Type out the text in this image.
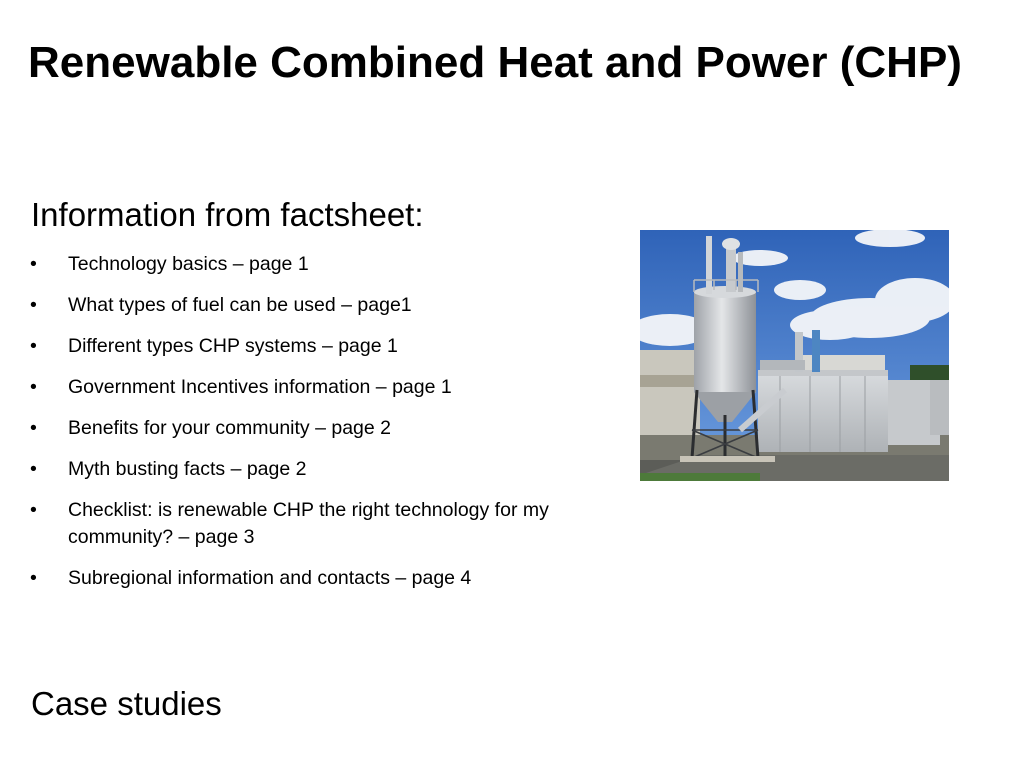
Renewable Combined Heat and Power (CHP)
Information from factsheet:
• Technology basics – page 1
• What types of fuel can be used – page1
• Different types CHP systems – page 1
• Government Incentives information – page 1
• Benefits for your community – page 2
• Myth busting facts – page 2
• Checklist: is renewable CHP the right technology for my community? – page 3
• Subregional information and contacts – page 4
Case studies
